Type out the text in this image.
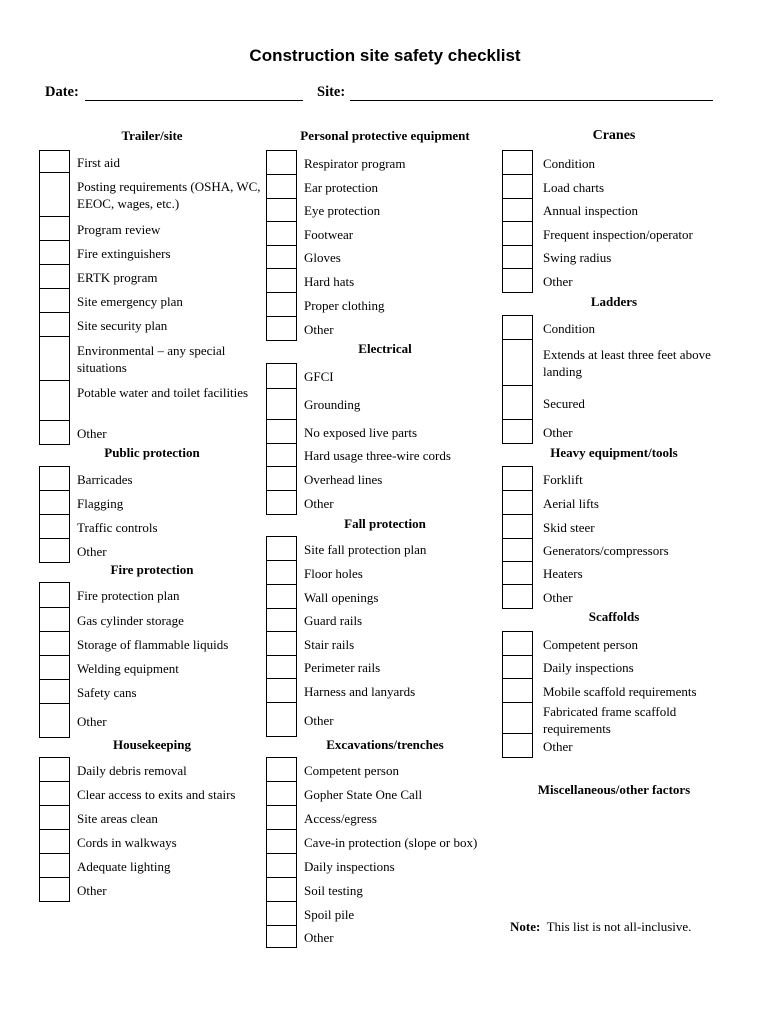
Construction site safety checklist
Date:	Site:
Trailer/site
First aid
Posting requirements (OSHA, WC, EEOC, wages, etc.)
Program review
Fire extinguishers
ERTK program
Site emergency plan
Site security plan
Environmental – any special situations
Potable water and toilet facilities
Other
Public protection
Barricades
Flagging
Traffic controls
Other
Fire protection
Fire protection plan
Gas cylinder storage
Storage of flammable liquids
Welding equipment
Safety cans
Other
Housekeeping
Daily debris removal
Clear access to exits and stairs
Site areas clean
Cords in walkways
Adequate lighting
Other
Personal protective equipment
Respirator program
Ear protection
Eye protection
Footwear
Gloves
Hard hats
Proper clothing
Other
Electrical
GFCI
Grounding
No exposed live parts
Hard usage three-wire cords
Overhead lines
Other
Fall protection
Site fall protection plan
Floor holes
Wall openings
Guard rails
Stair rails
Perimeter rails
Harness and lanyards
Other
Excavations/trenches
Competent person
Gopher State One Call
Access/egress
Cave-in protection (slope or box)
Daily inspections
Soil testing
Spoil pile
Other
Cranes
Condition
Load charts
Annual inspection
Frequent inspection/operator
Swing radius
Other
Ladders
Condition
Extends at least three feet above landing
Secured
Other
Heavy equipment/tools
Forklift
Aerial lifts
Skid steer
Generators/compressors
Heaters
Other
Scaffolds
Competent person
Daily inspections
Mobile scaffold requirements
Fabricated frame scaffold requirements
Other
Miscellaneous/other factors
Note: This list is not all-inclusive.
